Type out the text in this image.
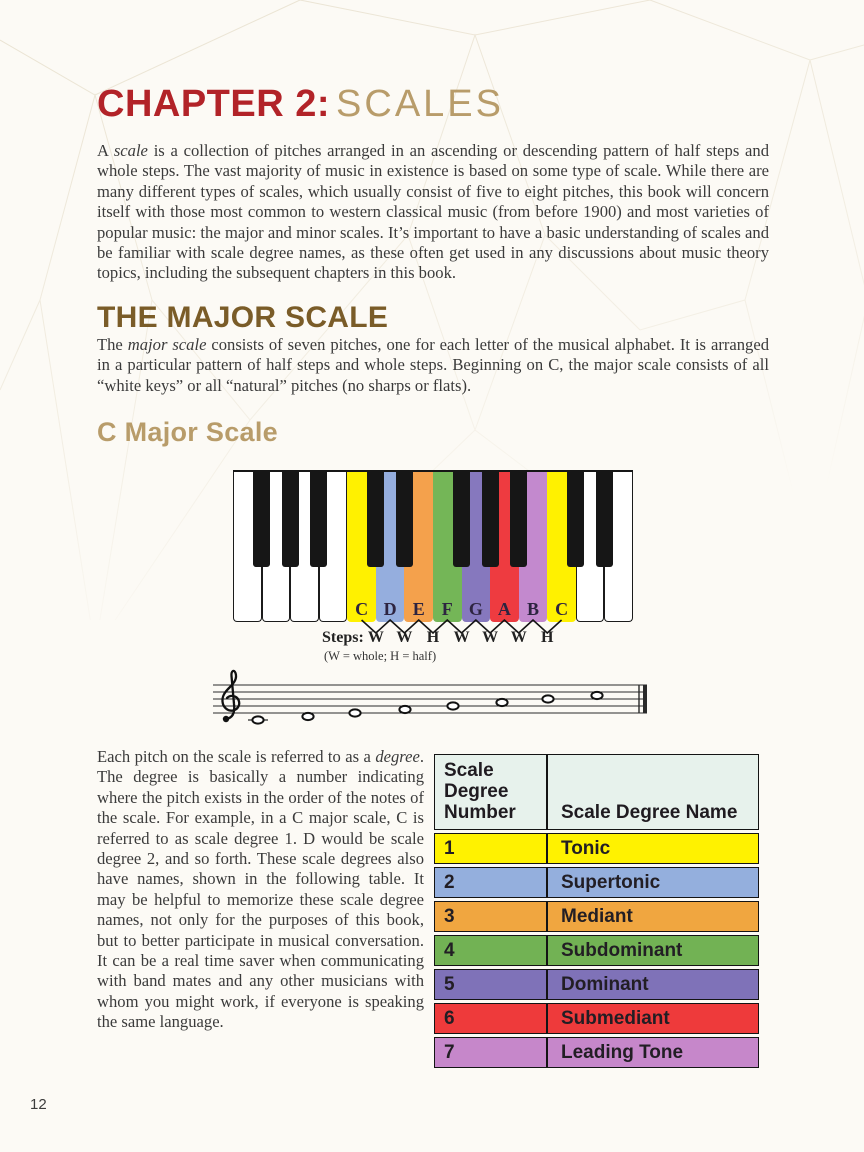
CHAPTER 2: SCALES

A scale is a collection of pitches arranged in an ascending or descending pattern of half steps and whole steps. The vast majority of music in existence is based on some type of scale. While there are many different types of scales, which usually consist of five to eight pitches, this book will concern itself with those most common to western classical music (from before 1900) and most varieties of popular music: the major and minor scales. It’s important to have a basic understanding of scales and be familiar with scale degree names, as these often get used in any discussions about music theory topics, including the subsequent chapters in this book.

THE MAJOR SCALE

The major scale consists of seven pitches, one for each letter of the musical alphabet. It is arranged in a particular pattern of half steps and whole steps. Beginning on C, the major scale consists of all “white keys” or all “natural” pitches (no sharps or flats).

C Major Scale
C D E F G A B C
Steps:
(W = whole; H = half)

Each pitch on the scale is referred to as a degree. The degree is basically a number indicating where the pitch exists in the order of the notes of the scale. For example, in a C major scale, C is referred to as scale degree 1. D would be scale degree 2, and so forth. These scale degrees also have names, shown in the following table. It may be helpful to memorize these scale degree names, not only for the purposes of this book, but to better participate in musical conversation. It can be a real time saver when communicating with band mates and any other musicians with whom you might work, if everyone is speaking the same language.

Scale Degree Number	Scale Degree Name
1	Tonic
2	Supertonic
3	Mediant
4	Subdominant
5	Dominant
6	Submediant
7	Leading Tone
12
W W H W W W H
